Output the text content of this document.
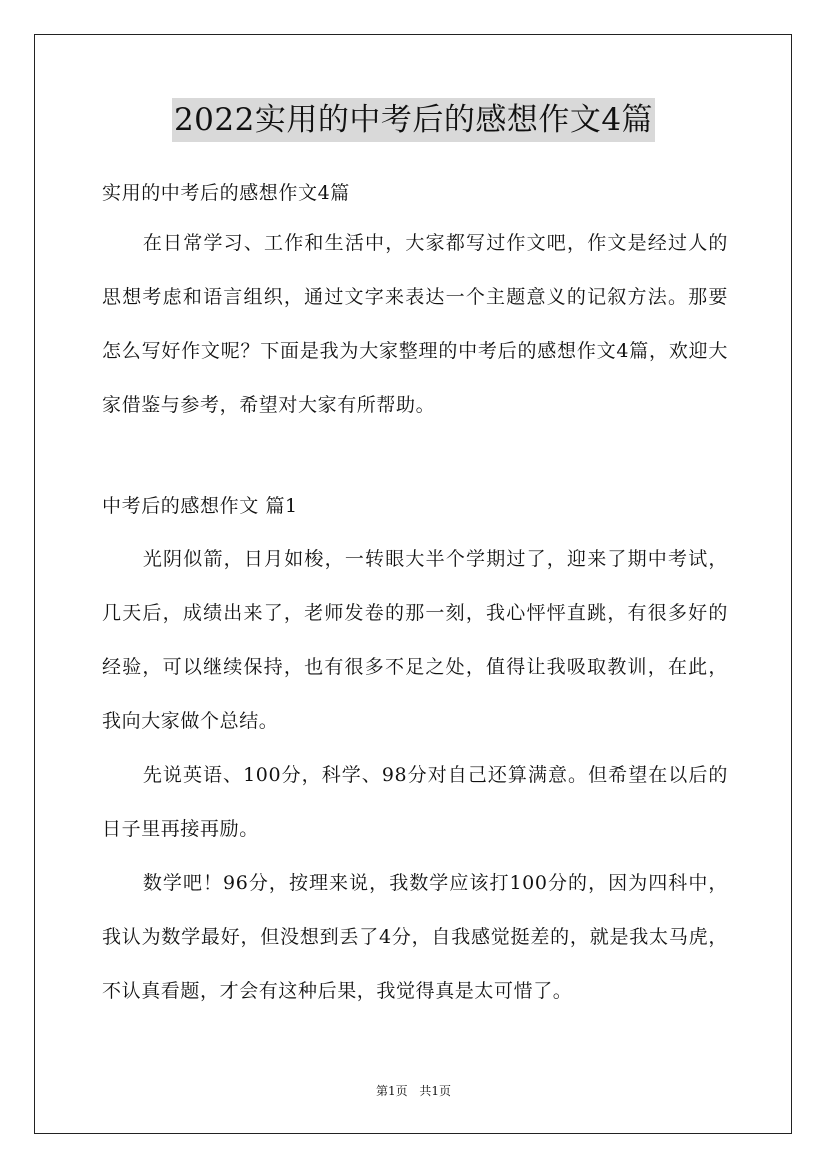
2022实用的中考后的感想作文4篇
实用的中考后的感想作文4篇
在日常学习、工作和生活中，大家都写过作文吧，作文是经过人的思想考虑和语言组织，通过文字来表达一个主题意义的记叙方法。那要怎么写好作文呢？下面是我为大家整理的中考后的感想作文4篇，欢迎大家借鉴与参考，希望对大家有所帮助。
中考后的感想作文 篇1
光阴似箭，日月如梭，一转眼大半个学期过了，迎来了期中考试，几天后，成绩出来了，老师发卷的那一刻，我心怦怦直跳，有很多好的经验，可以继续保持，也有很多不足之处，值得让我吸取教训，在此，我向大家做个总结。
先说英语、100分，科学、98分对自己还算满意。但希望在以后的日子里再接再励。
数学吧！96分，按理来说，我数学应该打100分的，因为四科中，我认为数学最好，但没想到丢了4分，自我感觉挺差的，就是我太马虎，不认真看题，才会有这种后果，我觉得真是太可惜了。
第1页 共1页
